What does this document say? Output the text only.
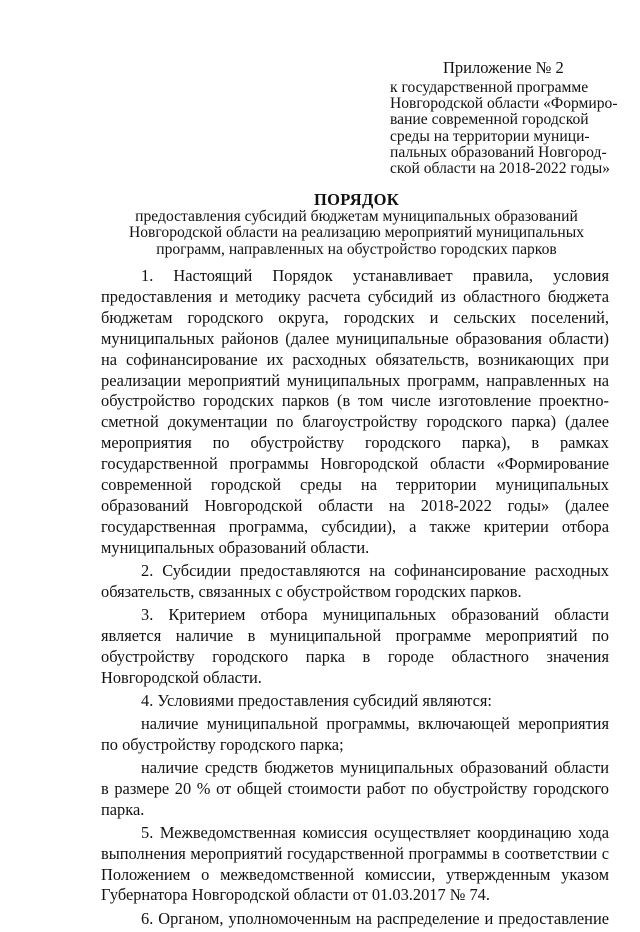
Приложение № 2
к государственной программе
Новгородской области «Формиро-
вание современной городской
среды на территории муници-
пальных образований Новгород-
ской области на 2018-2022 годы»
ПОРЯДОК
предоставления субсидий бюджетам муниципальных образований
Новгородской области на реализацию мероприятий муниципальных
программ, направленных на обустройство городских парков

1. Настоящий Порядок устанавливает правила, условия предоставления и методику расчета субсидий из областного бюджета бюджетам городского округа, городских и сельских поселений, муниципальных районов (далее муниципальные образования области) на софинансирование их расходных обязательств, возникающих при реализации мероприятий муниципальных программ, направленных на обустройство городских парков (в том числе изготовление проектно-сметной документации по благоустройству городского парка) (далее мероприятия по обустройству городского парка), в рамках государственной программы Новгородской области «Формирование современной городской среды на территории муниципальных образований Новгородской области на 2018-2022 годы» (далее государственная программа, субсидии), а также критерии отбора муниципальных образований области.

2. Субсидии предоставляются на софинансирование расходных обязательств, связанных с обустройством городских парков.

3. Критерием отбора муниципальных образований области является наличие в муниципальной программе мероприятий по обустройству городского парка в городе областного значения Новгородской области.

4. Условиями предоставления субсидий являются:

наличие муниципальной программы, включающей мероприятия по обустройству городского парка;

наличие средств бюджетов муниципальных образований области в размере 20 % от общей стоимости работ по обустройству городского парка.

5. Межведомственная комиссия осуществляет координацию хода выполнения мероприятий государственной программы в соответствии с Положением о межведомственной комиссии, утвержденным указом Губернатора Новгородской области от 01.03.2017 № 74.

6. Органом, уполномоченным на распределение и предоставление
